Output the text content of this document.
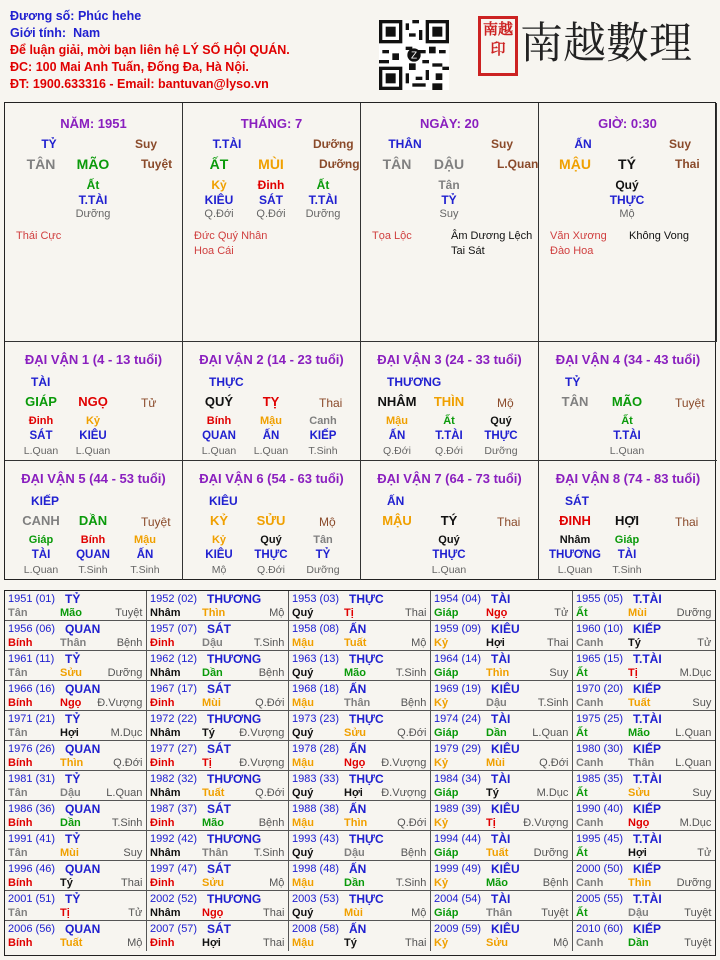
Đương số: Phúc hehe
Giới tính: Nam
Để luận giải, mời bạn liên hệ LÝ SỐ HỘI QUÁN.
ĐC: 100 Mai Anh Tuấn, Đống Đa, Hà Nội.
ĐT: 1900.633316 - Email: bantuvan@lyso.vn
Z
南越 印 南越數理
NĂM: 1951
TỶ	Suy
TÂN MÃO	Tuyệt
Ất
T.TÀI
Dưỡng
Thái Cực
THÁNG: 7
T.TÀI	Dưỡng
ẤT MÙI	Dưỡng
Kỷ
KIÊU
Q.Đới
Đinh
SÁT
Q.Đới
Ất
T.TÀI
Dưỡng
Đức Quý Nhân
Hoa Cái
NGÀY: 20
THÂN	Suy
TÂN DẬU	L.Quan
Tân
TỶ
Suy
Tọa Lộc	Âm Dương Lệch
Tai Sát
GIỜ: 0:30
ẤN	Suy
MẬU TÝ	Thai
Quý
THỰC
Mộ
Văn Xương
Đào Hoa
Không Vong
ĐẠI VẬN 1 (4 - 13 tuổi)
TÀI
GIÁP NGỌ	Tử
Đinh
SÁT
L.Quan
Kỷ
KIÊU
L.Quan
ĐẠI VẬN 2 (14 - 23 tuổi)
THỰC
QUÝ TỴ	Thai
Bính
QUAN
L.Quan
Mậu
ẤN
L.Quan
Canh
KIẾP
T.Sinh
ĐẠI VẬN 3 (24 - 33 tuổi)
THƯƠNG
NHÂM THÌN	Mộ
Mậu
ẤN
Q.Đới
Ất
T.TÀI
Q.Đới
Quý
THỰC
Dưỡng
ĐẠI VẬN 4 (34 - 43 tuổi)
TỶ
TÂN MÃO	Tuyệt
Ất
T.TÀI
L.Quan
ĐẠI VẬN 5 (44 - 53 tuổi)
KIẾP
CANH DẦN	Tuyệt
Giáp
TÀI
L.Quan
Bính
QUAN
T.Sinh
Mậu
ẤN
T.Sinh
ĐẠI VẬN 6 (54 - 63 tuổi)
KIÊU
KỶ SỬU	Mộ
Kỷ
KIÊU
Mộ
Quý
THỰC
Q.Đới
Tân
TỶ
Dưỡng
ĐẠI VẬN 7 (64 - 73 tuổi)
ẤN
MẬU TÝ	Thai
Quý
THỰC
L.Quan
ĐẠI VẬN 8 (74 - 83 tuổi)
SÁT
ĐINH HỢI	Thai
Nhâm
THƯƠNG
L.Quan
Giáp
TÀI
T.Sinh
1951 (01) TỶ
Tân	Mão	Tuyệt
1952 (02) THƯƠNG
Nhâm Thìn	Mộ
1953 (03) THỰC
Quý	Tị	Thai
1954 (04) TÀI
Giáp	Ngọ	Tử
1955 (05) T.TÀI
Ất	Mùi	Dưỡng
1956 (06) QUAN
Bính	Thân	Bệnh
1957 (07) SÁT
Đinh	Dậu	T.Sinh
1958 (08) ẤN
Mậu	Tuất	Mộ
1959 (09) KIÊU
Kỷ	Hợi	Thai
1960 (10) KIẾP
Canh Tý	Tử
1961 (11) TỶ
Tân	Sửu Dưỡng
1962 (12) THƯƠNG
Nhâm Dần	Bệnh
1963 (13) THỰC
Quý	Mão	T.Sinh
1964 (14) TÀI
Giáp	Thìn	Suy
1965 (15) T.TÀI
Ất	Tị	M.Dục
1966 (16) QUAN
Bính	Ngọ Đ.Vượng
1967 (17) SÁT
Đinh	Mùi	Q.Đới
1968 (18) ẤN
Mậu	Thân	Bệnh
1969 (19) KIÊU
Kỷ	Dậu	T.Sinh
1970 (20) KIẾP
Canh Tuất	Suy
1971 (21) TỶ
Tân	Hợi	M.Dục
1972 (22) THƯƠNG
Nhâm Tý Đ.Vượng
1973 (23) THỰC
Quý	Sửu	Q.Đới
1974 (24) TÀI
Giáp	Dần L.Quan
1975 (25) T.TÀI
Ất	Mão L.Quan
1976 (26) QUAN
Bính	Thìn	Q.Đới
1977 (27) SÁT
Đinh	Tị Đ.Vượng
1978 (28) ẤN
Mậu	Ngọ Đ.Vượng
1979 (29) KIÊU
Kỷ	Mùi	Q.Đới
1980 (30) KIẾP
Canh Thân L.Quan
1981 (31) TỶ
Tân	Dậu L.Quan
1982 (32) THƯƠNG
Nhâm Tuất	Q.Đới
1983 (33) THỰC
Quý	Hợi Đ.Vượng
1984 (34) TÀI
Giáp	Tý	M.Dục
1985 (35) T.TÀI
Ất	Sửu	Suy
1986 (36) QUAN
Bính	Dần	T.Sinh
1987 (37) SÁT
Đinh	Mão	Bệnh
1988 (38) ẤN
Mậu	Thìn	Q.Đới
1989 (39) KIÊU
Kỷ	Tị Đ.Vượng
1990 (40) KIẾP
Canh Ngọ	M.Dục
1991 (41) TỶ
Tân	Mùi	Suy
1992 (42) THƯƠNG
Nhâm Thân T.Sinh
1993 (43) THỰC
Quý	Dậu	Bệnh
1994 (44) TÀI
Giáp	Tuất Dưỡng
1995 (45) T.TÀI
Ất	Hợi	Tử
1996 (46) QUAN
Bính	Tý	Thai
1997 (47) SÁT
Đinh	Sửu	Mộ
1998 (48) ẤN
Mậu	Dần	T.Sinh
1999 (49) KIÊU
Kỷ	Mão	Bệnh
2000 (50) KIẾP
Canh Thìn Dưỡng
2001 (51) TỶ
Tân	Tị	Tử
2002 (52) THƯƠNG
Nhâm Ngọ	Thai
2003 (53) THỰC
Quý	Mùi	Mộ
2004 (54) TÀI
Giáp	Thân	Tuyệt
2005 (55) T.TÀI
Ất	Dậu	Tuyệt
2006 (56) QUAN
Bính	Tuất	Mộ
2007 (57) SÁT
Đinh	Hợi	Thai
2008 (58) ẤN
Mậu	Tý	Thai
2009 (59) KIÊU
Kỷ	Sửu	Mộ
2010 (60) KIẾP
Canh Dần	Tuyệt
